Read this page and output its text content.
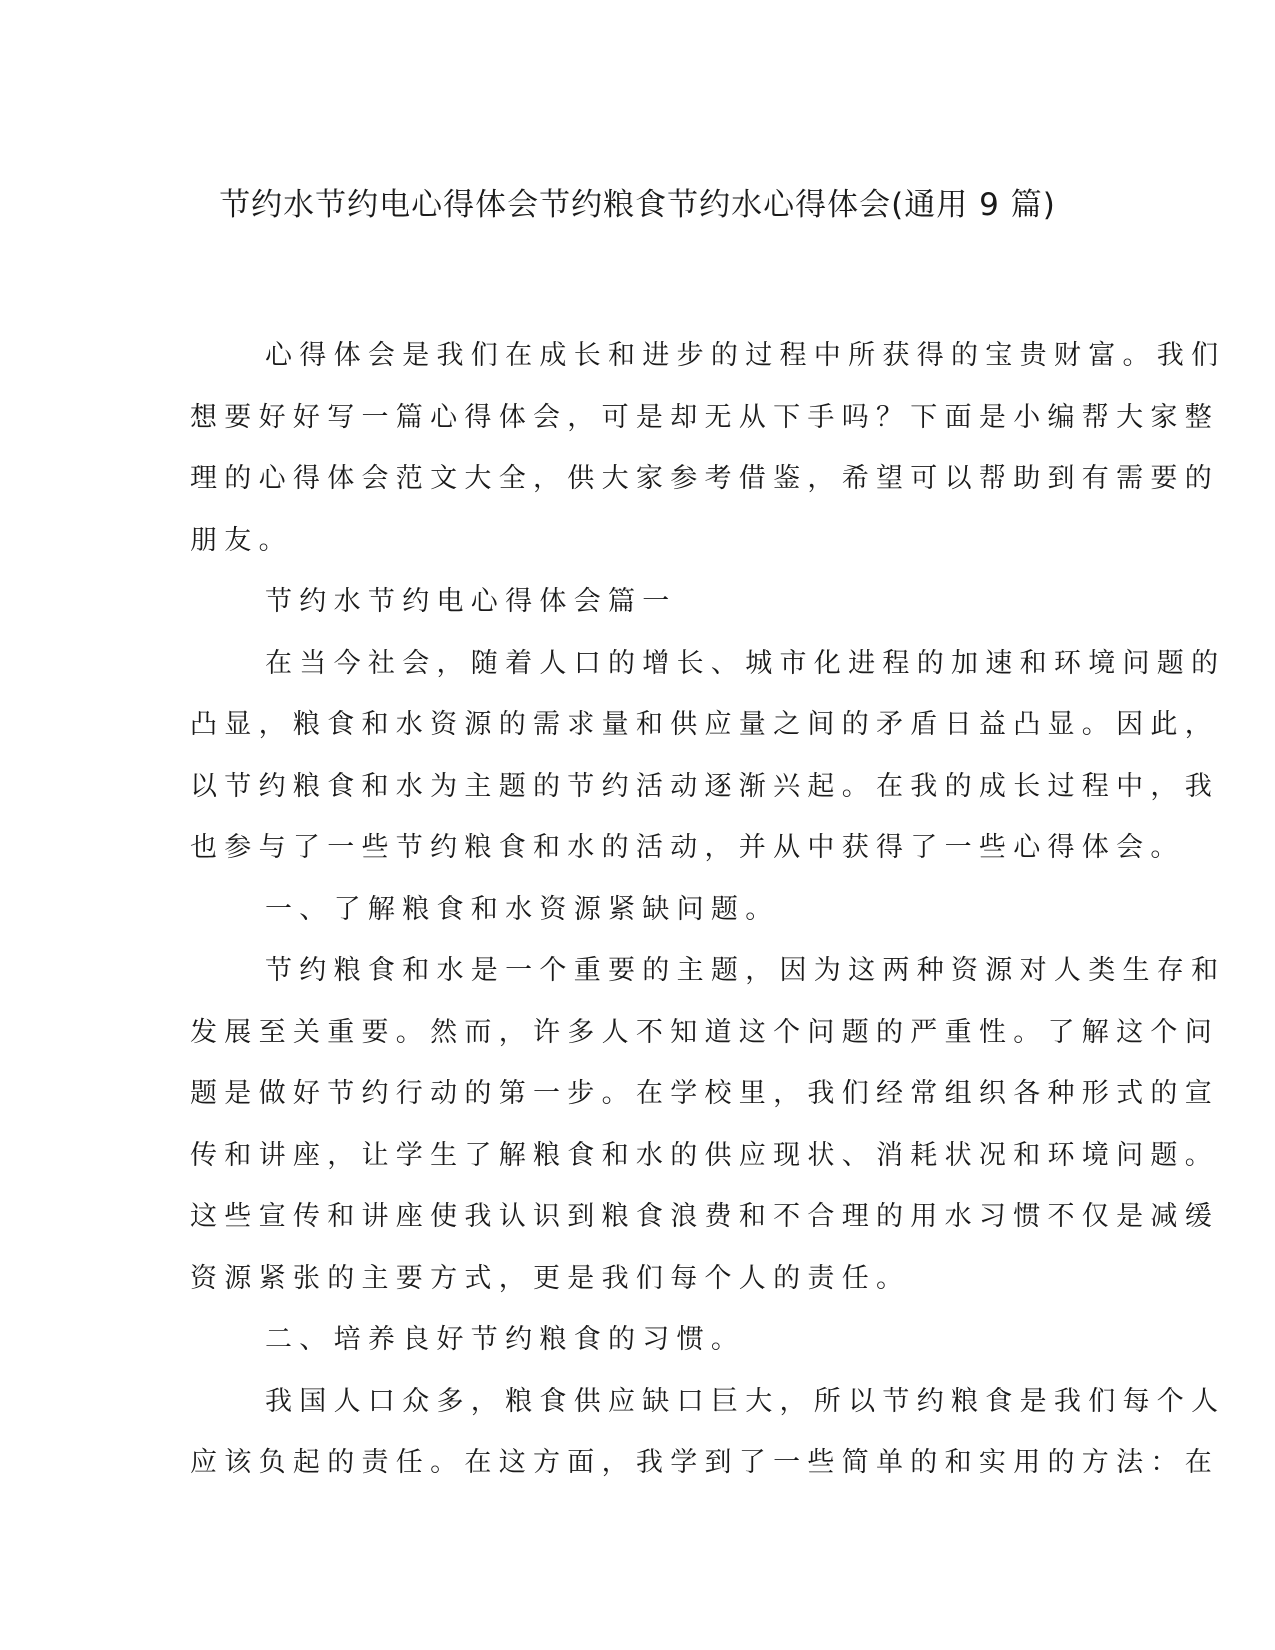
节约水节约电心得体会节约粮食节约水心得体会(通用 9 篇)
心得体会是我们在成长和进步的过程中所获得的宝贵财富。我们
想要好好写一篇心得体会，可是却无从下手吗？下面是小编帮大家整
理的心得体会范文大全，供大家参考借鉴，希望可以帮助到有需要的
朋友。
节约水节约电心得体会篇一
在当今社会，随着人口的增长、城市化进程的加速和环境问题的
凸显，粮食和水资源的需求量和供应量之间的矛盾日益凸显。因此，
以节约粮食和水为主题的节约活动逐渐兴起。在我的成长过程中，我
也参与了一些节约粮食和水的活动，并从中获得了一些心得体会。
一、了解粮食和水资源紧缺问题。
节约粮食和水是一个重要的主题，因为这两种资源对人类生存和
发展至关重要。然而，许多人不知道这个问题的严重性。了解这个问
题是做好节约行动的第一步。在学校里，我们经常组织各种形式的宣
传和讲座，让学生了解粮食和水的供应现状、消耗状况和环境问题。
这些宣传和讲座使我认识到粮食浪费和不合理的用水习惯不仅是减缓
资源紧张的主要方式，更是我们每个人的责任。
二、培养良好节约粮食的习惯。
我国人口众多，粮食供应缺口巨大，所以节约粮食是我们每个人
应该负起的责任。在这方面，我学到了一些简单的和实用的方法：在
